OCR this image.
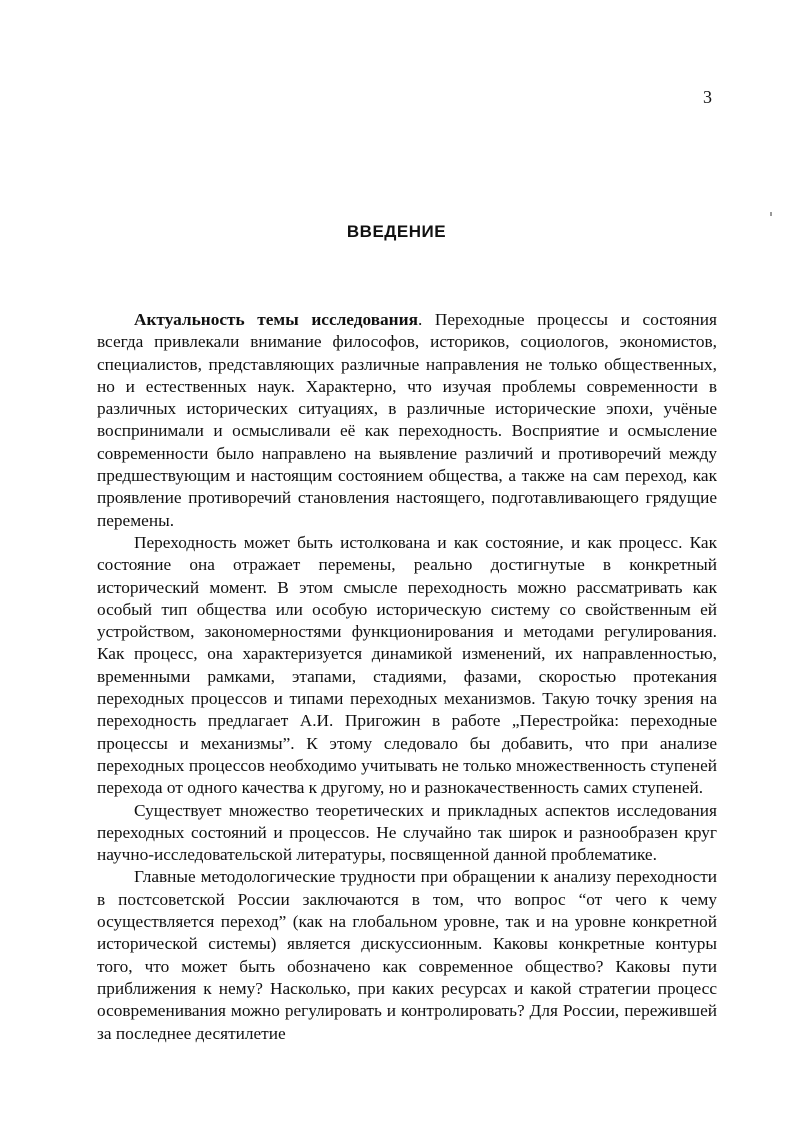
3
ВВЕДЕНИЕ

Актуальность темы исследования. Переходные процессы и состояния всегда привлекали внимание философов, историков, социологов, экономистов, специалистов, представляющих различные направления не только общественных, но и естественных наук. Характерно, что изучая проблемы современности в различных исторических ситуациях, в различные исторические эпохи, учёные воспринимали и осмысливали её как переходность. Восприятие и осмысление современности было направлено на выявление различий и противоречий между предшествующим и настоящим состоянием общества, а также на сам переход, как проявление противоречий становления настоящего, подготавливающего грядущие перемены.

Переходность может быть истолкована и как состояние, и как процесс. Как состояние она отражает перемены, реально достигнутые в конкретный исторический момент. В этом смысле переходность можно рассматривать как особый тип общества или особую историческую систему со свойственным ей устройством, закономерностями функционирования и методами регулирования. Как процесс, она характеризуется динамикой изменений, их направленностью, временными рамками, этапами, стадиями, фазами, скоростью протекания переходных процессов и типами переходных механизмов. Такую точку зрения на переходность предлагает А.И. Пригожин в работе „Перестройка: переходные процессы и механизмы”. К этому следовало бы добавить, что при анализе переходных процессов необходимо учитывать не только множественность ступеней перехода от одного качества к другому, но и разнокачественность самих ступеней.

Существует множество теоретических и прикладных аспектов исследования переходных состояний и процессов. Не случайно так широк и разнообразен круг научно-исследовательской литературы, посвященной данной проблематике.

Главные методологические трудности при обращении к анализу переходности в постсоветской России заключаются в том, что вопрос “от чего к чему осуществляется переход” (как на глобальном уровне, так и на уровне конкретной исторической системы) является дискуссионным. Каковы конкретные контуры того, что может быть обозначено как современное общество? Каковы пути приближения к нему? Насколько, при каких ресурсах и какой стратегии процесс осовременивания можно регулировать и контролировать? Для России, пережившей за последнее десятилетие
